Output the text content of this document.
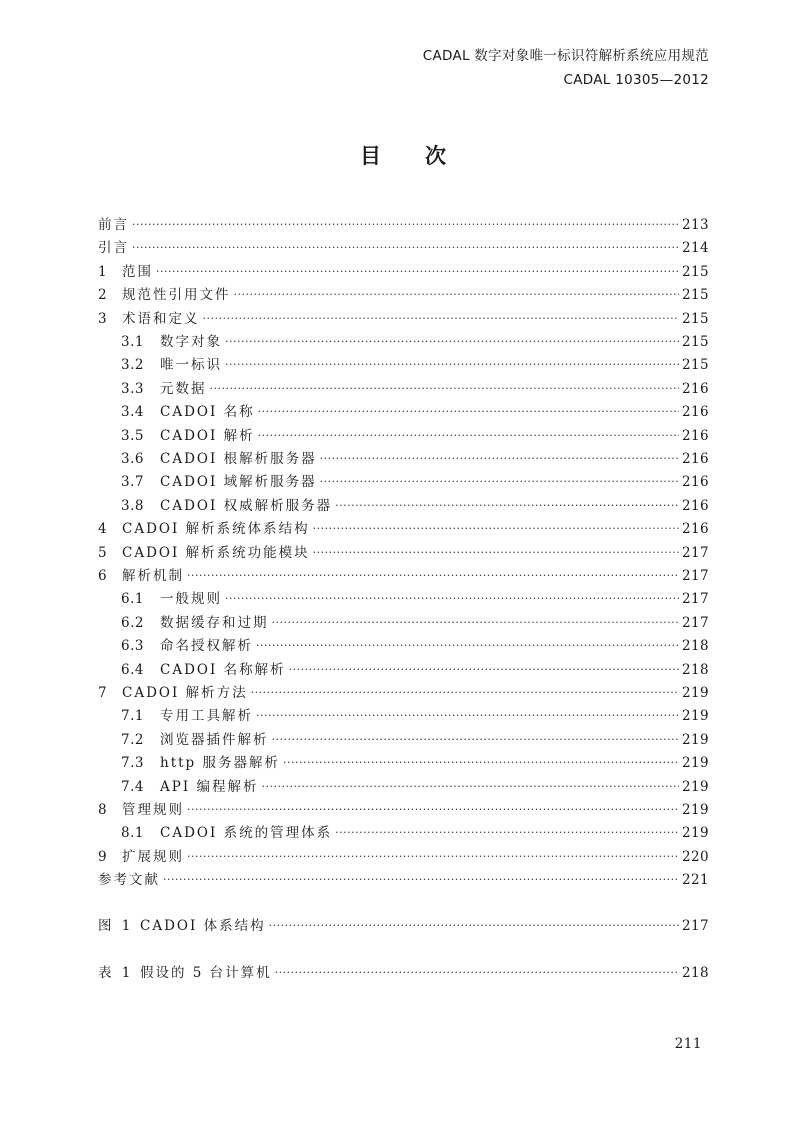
CADAL 数字对象唯一标识符解析系统应用规范
CADAL 10305—2012
目次
前言 ·····	213
引言 ·····	214
1	范围 ·····	215
2	规范性引用文件 ·····	215
3	术语和定义 ·····	215
3.1	数字对象 ·····	215
3.2	唯一标识 ·····	215
3.3	元数据 ·····	216
3.4	CADOI 名称 ·····	216
3.5	CADOI 解析 ·····	216
3.6	CADOI 根解析服务器 ·····	216
3.7	CADOI 域解析服务器 ·····	216
3.8	CADOI 权威解析服务器 ·····	216
4	CADOI 解析系统体系结构 ·····	216
5	CADOI 解析系统功能模块 ·····	217
6	解析机制 ·····	217
6.1	一般规则 ·····	217
6.2	数据缓存和过期 ·····	217
6.3	命名授权解析 ·····	218
6.4	CADOI 名称解析 ·····	218
7	CADOI 解析方法 ·····	219
7.1	专用工具解析 ·····	219
7.2	浏览器插件解析 ·····	219
7.3	http 服务器解析 ·····	219
7.4	API 编程解析 ·····	219
8	管理规则 ·····	219
8.1	CADOI 系统的管理体系 ·····	219
9	扩展规则 ·····	220
参考文献 ·····	221
图 1 CADOI 体系结构 ·····	217
表 1 假设的 5 台计算机 ·····	218
211
